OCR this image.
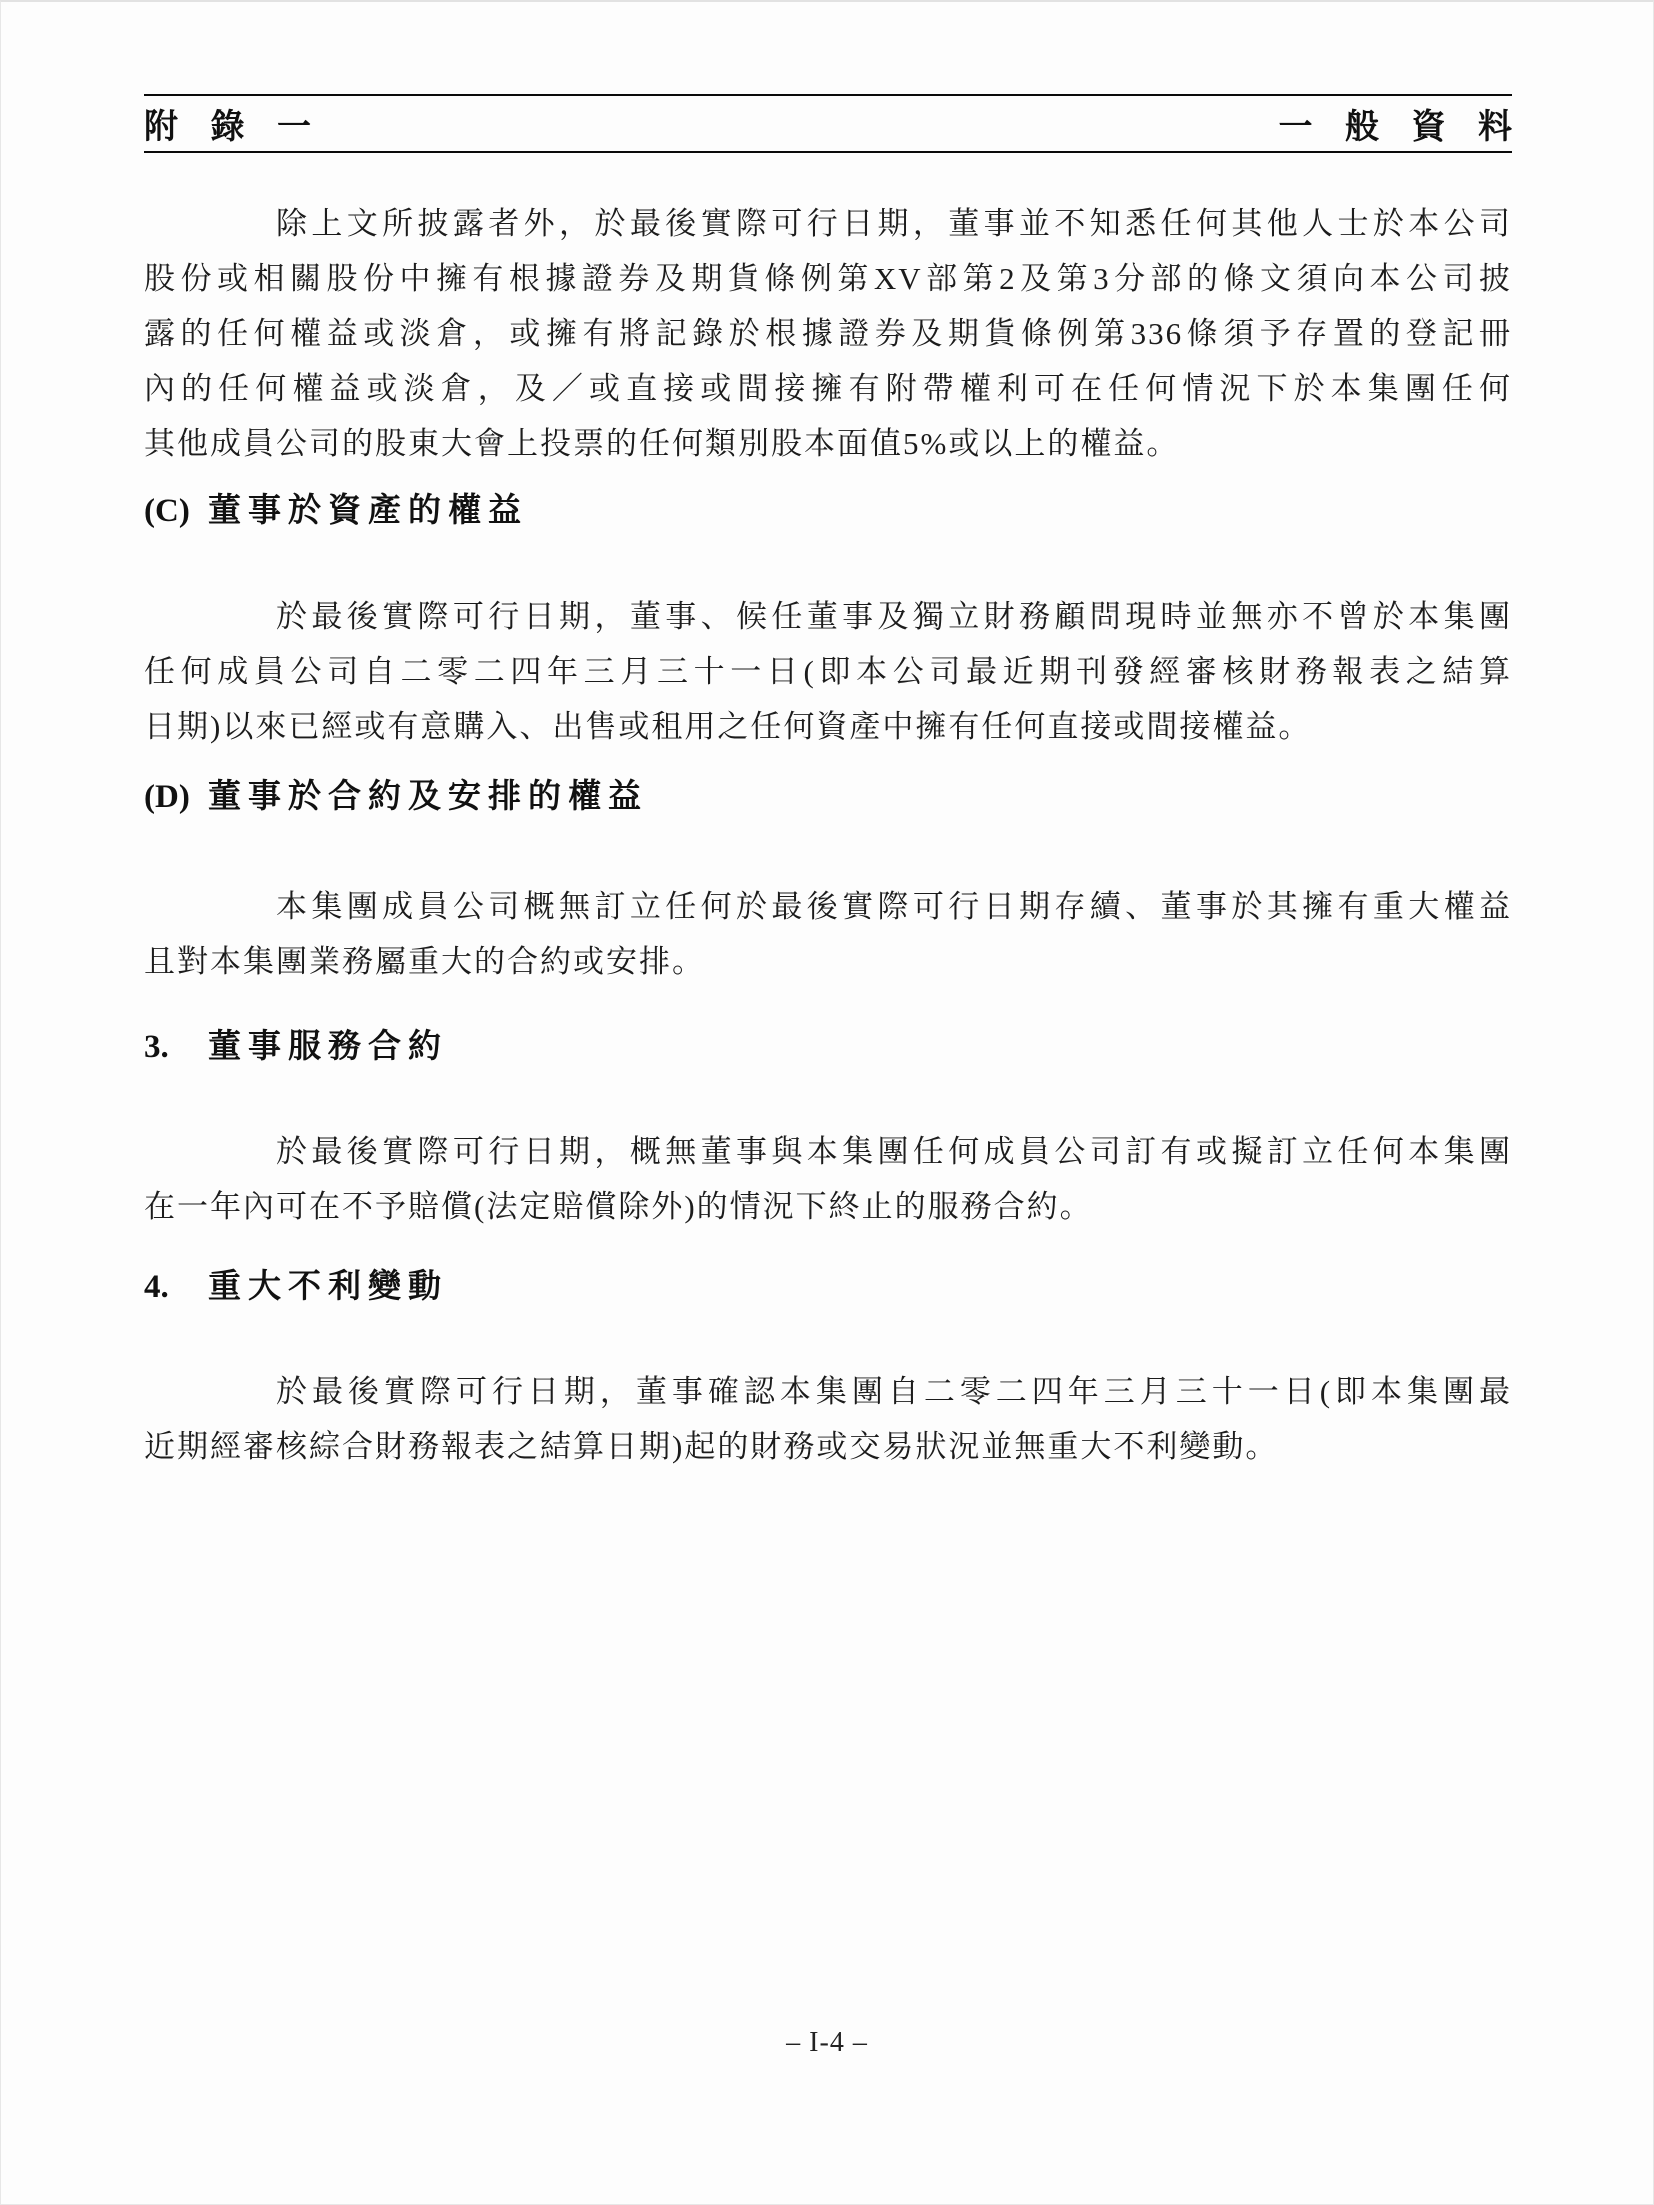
附 錄 一	一 般 資 料
除上文所披露者外，於最後實際可行日期，董事並不知悉任何其他人士於本公司
股份或相關股份中擁有根據證券及期貨條例第XV部第2及第3分部的條文須向本公司披
露的任何權益或淡倉，或擁有將記錄於根據證券及期貨條例第336條須予存置的登記冊
內的任何權益或淡倉，及／或直接或間接擁有附帶權利可在任何情況下於本集團任何
其他成員公司的股東大會上投票的任何類別股本面值5%或以上的權益。
(C) 董事於資產的權益
於最後實際可行日期，董事、候任董事及獨立財務顧問現時並無亦不曾於本集團
任何成員公司自二零二四年三月三十一日(即本公司最近期刊發經審核財務報表之結算
日期)以來已經或有意購入、出售或租用之任何資產中擁有任何直接或間接權益。
(D) 董事於合約及安排的權益
本集團成員公司概無訂立任何於最後實際可行日期存續、董事於其擁有重大權益
且對本集團業務屬重大的合約或安排。
3.	董事服務合約
於最後實際可行日期，概無董事與本集團任何成員公司訂有或擬訂立任何本集團
在一年內可在不予賠償(法定賠償除外)的情況下終止的服務合約。
4.	重大不利變動
於最後實際可行日期，董事確認本集團自二零二四年三月三十一日(即本集團最
近期經審核綜合財務報表之結算日期)起的財務或交易狀況並無重大不利變動。
– I-4 –
